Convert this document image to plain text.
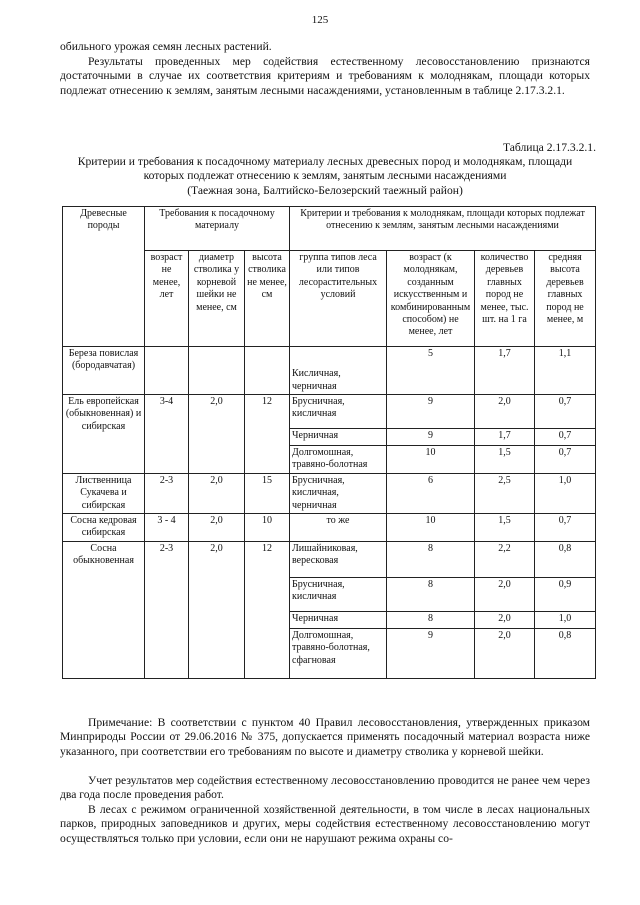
125
обильного урожая семян лесных растений.
Результаты проведенных мер содействия естественному лесовосстановлению признаются достаточными в случае их соответствия критериям и требованиям к молоднякам, площади которых подлежат отнесению к землям, занятым лесными насаждениями, установленным в таблице 2.17.3.2.1.
Таблица 2.17.3.2.1.
Критерии и требования к посадочному материалу лесных древесных пород и молоднякам, площади которых подлежат отнесению к землям, занятым лесными насаждениями
(Таежная зона, Балтийско-Белозерский таежный район)
Древесные породы	Требования к посадочному материалу			Критерии и требования к молоднякам, площади которых подлежат отнесению к землям, занятым лесными насаждениями			
	возраст не менее, лет	диаметр стволика у корневой шейки не менее, см	высота стволика не менее, см	группа типов леса или типов лесорастительных условий	возраст (к молоднякам, созданным искусственным и комбинированным способом) не менее, лет	количество деревьев главных пород не менее, тыс. шт. на 1 га	средняя высота деревьев главных пород не менее, м
Береза повислая (бородавчатая)				Кисличная, черничная	5	1,7	1,1
Ель европейская (обыкновенная) и сибирская	3-4	2,0	12	Брусничная, кисличная	9	2,0	0,7
				Черничная	9	1,7	0,7
				Долгомошная, травяно-болотная	10	1,5	0,7
Лиственница Сукачева и сибирская	2-3	2,0	15	Брусничная, кисличная, черничная	6	2,5	1,0
Сосна кедровая сибирская	3 - 4	2,0	10	то же	10	1,5	0,7
Сосна обыкновенная	2-3	2,0	12	Лишайниковая, вересковая	8	2,2	0,8
				Брусничная, кисличная	8	2,0	0,9
				Черничная	8	2,0	1,0
				Долгомошная, травяно-болотная, сфагновая	9	2,0	0,8
Примечание: В соответствии с пунктом 40 Правил лесовосстановления, утвержденных приказом Минприроды России от 29.06.2016 № 375, допускается применять посадочный материал возраста ниже указанного, при соответствии его требованиям по высоте и диаметру стволика у корневой шейки.
Учет результатов мер содействия естественному лесовосстановлению проводится не ранее чем через два года после проведения работ.
В лесах с режимом ограниченной хозяйственной деятельности, в том числе в лесах национальных парков, природных заповедников и других, меры содействия естественному лесовосстановлению могут осуществляться только при условии, если они не нарушают режима охраны со-
